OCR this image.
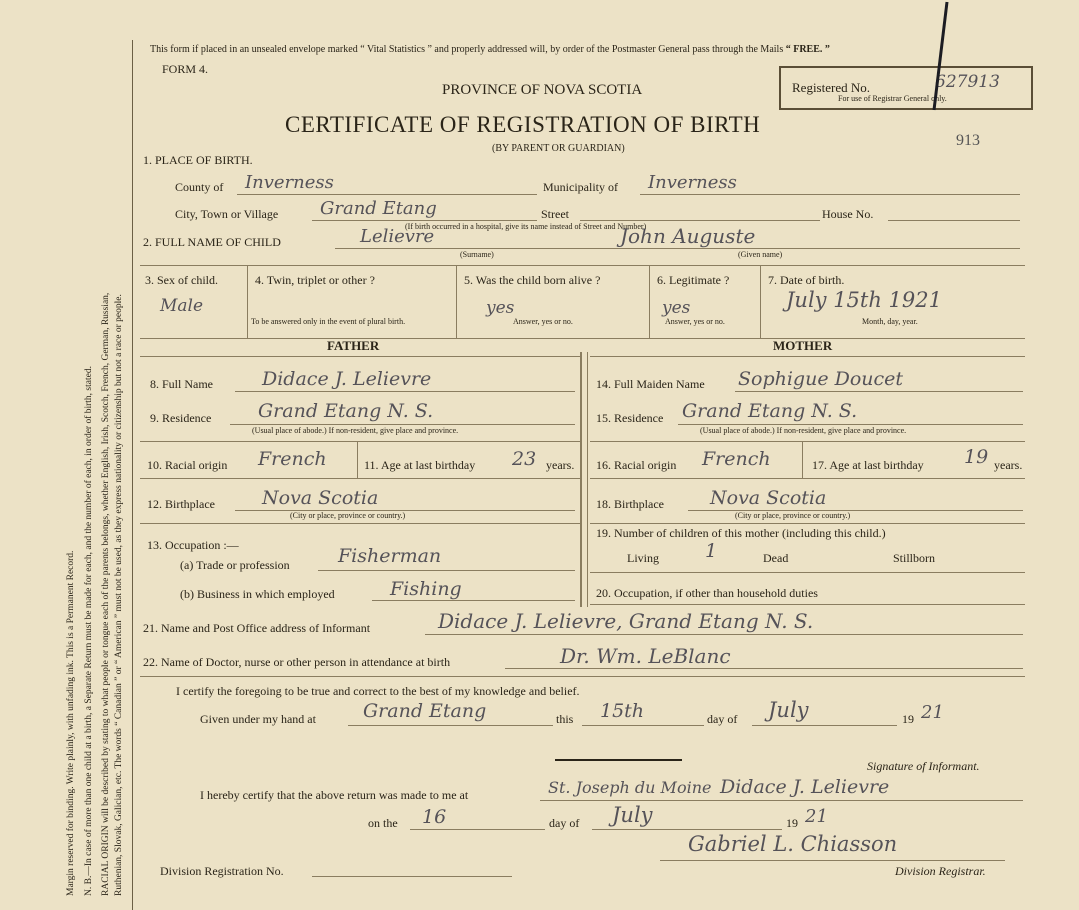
Margin reserved for binding. Write plainly, with unfading ink. This is a Permanent Record. N. B.—In case of more than one child at a birth, a Separate Return must be made for each, and the number of each, in order of birth, stated. RACIAL ORIGIN will be described by stating to what people or tongue each of the parents belongs, whether English, Irish, Scotch, French, German, Russian, Ruthenian, Slovak, Galician, etc. The words “ Canadian ” or “ American ” must not be used, as they express nationality or citizenship but not a race or people.
This form if placed in an unsealed envelope marked “ Vital Statistics ” and properly addressed will, by order of the Postmaster General pass through the Mails “ FREE. ”
FORM 4.
PROVINCE OF NOVA SCOTIA
CERTIFICATE OF REGISTRATION OF BIRTH
(BY PARENT OR GUARDIAN)
Registered No.	627913
For use of Registrar General only.
913
1. PLACE OF BIRTH.
County of Inverness	Municipality of Inverness
City, Town or Village Grand Etang	Street	House No.
(If birth occurred in a hospital, give its name instead of Street and Number)
2. FULL NAME OF CHILD	Lelievre	John Auguste
(Surname)	(Given name)
3. Sex of child.
Male
4. Twin, triplet or other ?
To be answered only in the event of plural birth.
5. Was the child born alive ?
yes
Answer, yes or no.
6. Legitimate ?
yes
Answer, yes or no.
7. Date of birth.
July 15th 1921
Month, day, year.
FATHER	MOTHER
8. Full Name	Didace J. Lelievre
9. Residence Grand Etang N. S.
(Usual place of abode.) If non-resident, give place and province.
10. Racial origin French	11. Age at last birthday 23 years.
12. Birthplace Nova Scotia
(City or place, province or country.)
13. Occupation :—
(a) Trade or profession	Fisherman
(b) Business in which employed	Fishing
14. Full Maiden Name Sophigue Doucet
15. Residence Grand Etang N. S.
(Usual place of abode.) If non-resident, give place and province.
16. Racial origin French	17. Age at last birthday 19 years.
18. Birthplace Nova Scotia
(City or place, province or country.)
19. Number of children of this mother (including this child.)
Living 1	Dead	Stillborn
20. Occupation, if other than household duties
21. Name and Post Office address of Informant	Didace J. Lelievre, Grand Etang N. S.
22. Name of Doctor, nurse or other person in attendance at birth	Dr. Wm. LeBlanc
I certify the foregoing to be true and correct to the best of my knowledge and belief.
Given under my hand at Grand Etang	this 15th	day of July	19 21
Signature of Informant.
I hereby certify that the above return was made to me at	St. Joseph du Moine Didace J. Lelievre
on the 16	day of July	19 21
Gabriel L. Chiasson
Division Registration No.	Division Registrar.
